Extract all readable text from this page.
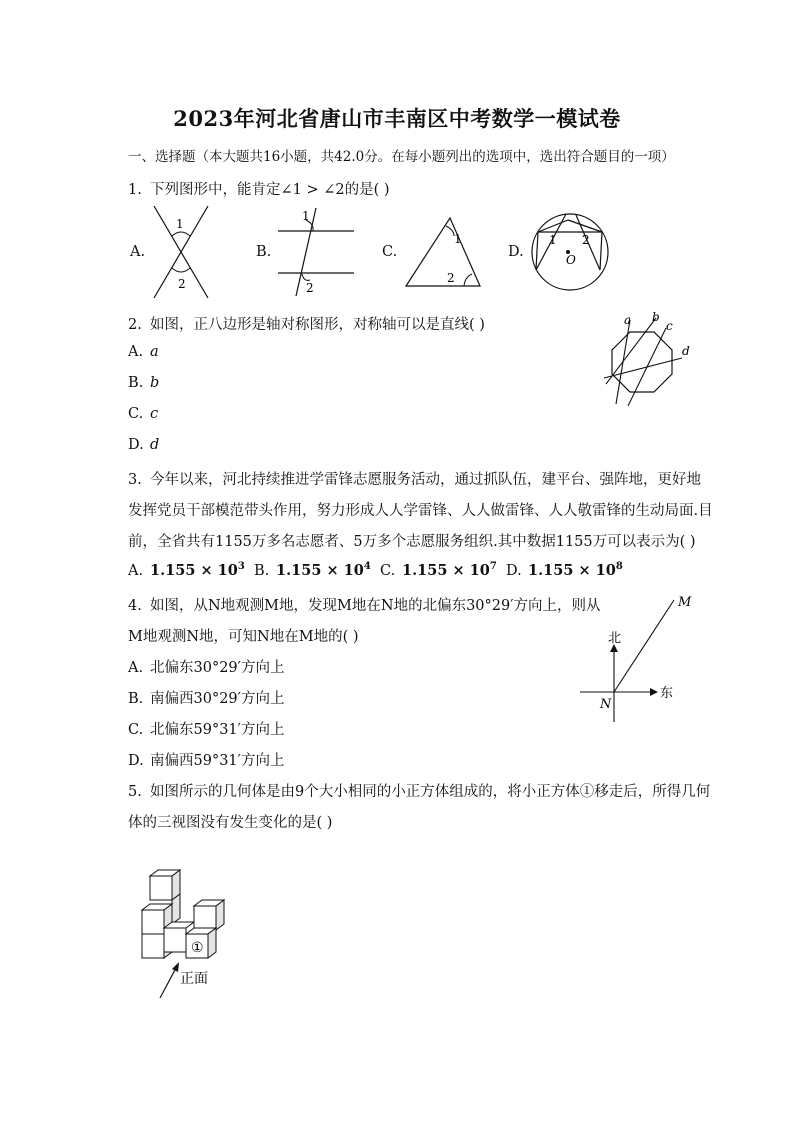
2023年河北省唐山市丰南区中考数学一模试卷
一、选择题（本大题共16小题，共42.0分。在每小题列出的选项中，选出符合题目的一项）
1. 下列图形中，能肯定∠1 > ∠2的是( )
A.
1
2
B.
1
2
C.
1
2
D.
1 2
O
2. 如图，正八边形是轴对称图形，对称轴可以是直线( )
A. a
B. b
C. c
D. d
a b
c
d
3. 今年以来，河北持续推进学雷锋志愿服务活动，通过抓队伍，建平台、强阵地，更好地
发挥党员干部模范带头作用，努力形成人人学雷锋、人人做雷锋、人人敬雷锋的生动局面.目
前，全省共有1155万多名志愿者、5万多个志愿服务组织.其中数据1155万可以表示为( )
A. $1.155 \times 10^3$ B. $1.155 \times 10^4$ C. $1.155 \times 10^7$ D. $1.155 \times 10^8$
4. 如图，从N地观测M地，发现M地在N地的北偏东30°29′方向上，则从
M地观测N地，可知N地在M地的( )
A. 北偏东30°29′方向上
B. 南偏西30°29′方向上
C. 北偏东59°31′方向上
D. 南偏西59°31′方向上
M
N
北
东
5. 如图所示的几何体是由9个大小相同的小正方体组成的，将小正方体①移走后，所得几何
体的三视图没有发生变化的是( )
①
正面
